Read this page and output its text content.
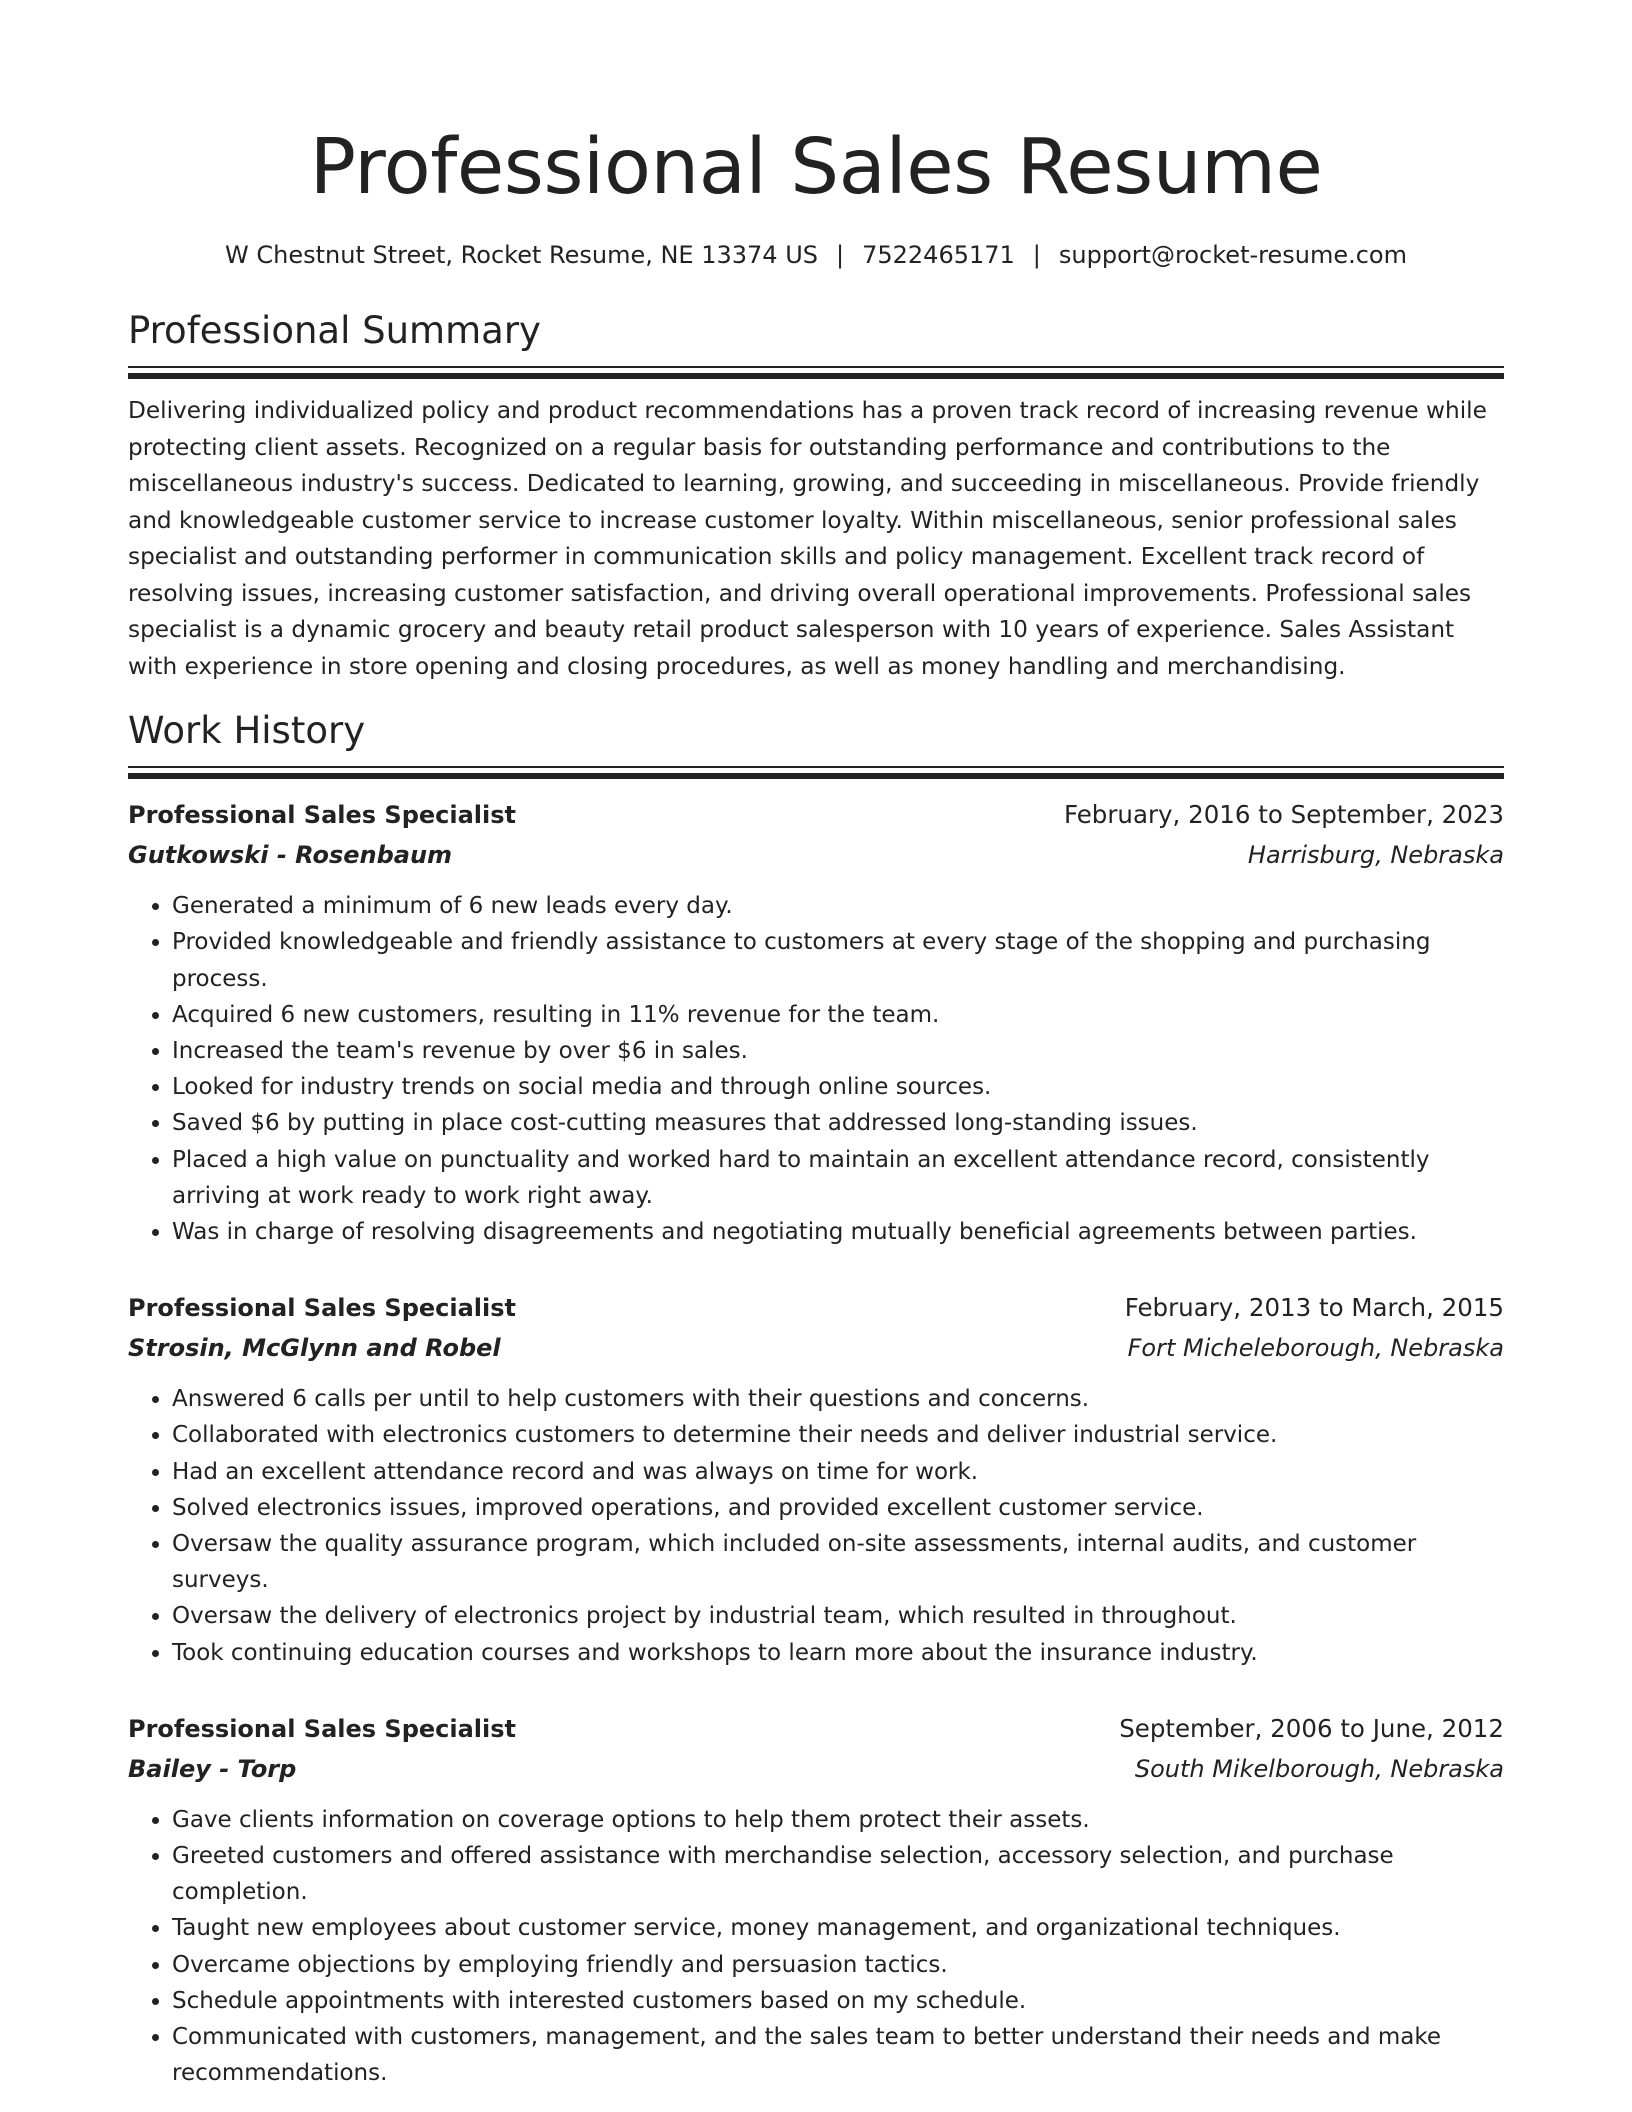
Professional Sales Resume
W Chestnut Street, Rocket Resume, NE 13374 US | 7522465171 | support@rocket-resume.com
Professional Summary

Delivering individualized policy and product recommendations has a proven track record of increasing revenue while protecting client assets. Recognized on a regular basis for outstanding performance and contributions to the miscellaneous industry's success. Dedicated to learning, growing, and succeeding in miscellaneous. Provide friendly and knowledgeable customer service to increase customer loyalty. Within miscellaneous, senior professional sales specialist and outstanding performer in communication skills and policy management. Excellent track record of resolving issues, increasing customer satisfaction, and driving overall operational improvements. Professional sales specialist is a dynamic grocery and beauty retail product salesperson with 10 years of experience. Sales Assistant with experience in store opening and closing procedures, as well as money handling and merchandising.

Work History
Professional Sales Specialist	February, 2016 to September, 2023
Gutkowski - Rosenbaum	Harrisburg, Nebraska
• Generated a minimum of 6 new leads every day.
• Provided knowledgeable and friendly assistance to customers at every stage of the shopping and purchasing process.
• Acquired 6 new customers, resulting in 11% revenue for the team.
• Increased the team's revenue by over $6 in sales.
• Looked for industry trends on social media and through online sources.
• Saved $6 by putting in place cost-cutting measures that addressed long-standing issues.
• Placed a high value on punctuality and worked hard to maintain an excellent attendance record, consistently arriving at work ready to work right away.
• Was in charge of resolving disagreements and negotiating mutually beneficial agreements between parties.
Professional Sales Specialist	February, 2013 to March, 2015
Strosin, McGlynn and Robel	Fort Micheleborough, Nebraska
• Answered 6 calls per until to help customers with their questions and concerns.
• Collaborated with electronics customers to determine their needs and deliver industrial service.
• Had an excellent attendance record and was always on time for work.
• Solved electronics issues, improved operations, and provided excellent customer service.
• Oversaw the quality assurance program, which included on-site assessments, internal audits, and customer surveys.
• Oversaw the delivery of electronics project by industrial team, which resulted in throughout.
• Took continuing education courses and workshops to learn more about the insurance industry.
Professional Sales Specialist	September, 2006 to June, 2012
Bailey - Torp	South Mikelborough, Nebraska
• Gave clients information on coverage options to help them protect their assets.
• Greeted customers and offered assistance with merchandise selection, accessory selection, and purchase completion.
• Taught new employees about customer service, money management, and organizational techniques.
• Overcame objections by employing friendly and persuasion tactics.
• Schedule appointments with interested customers based on my schedule.
• Communicated with customers, management, and the sales team to better understand their needs and make recommendations.
